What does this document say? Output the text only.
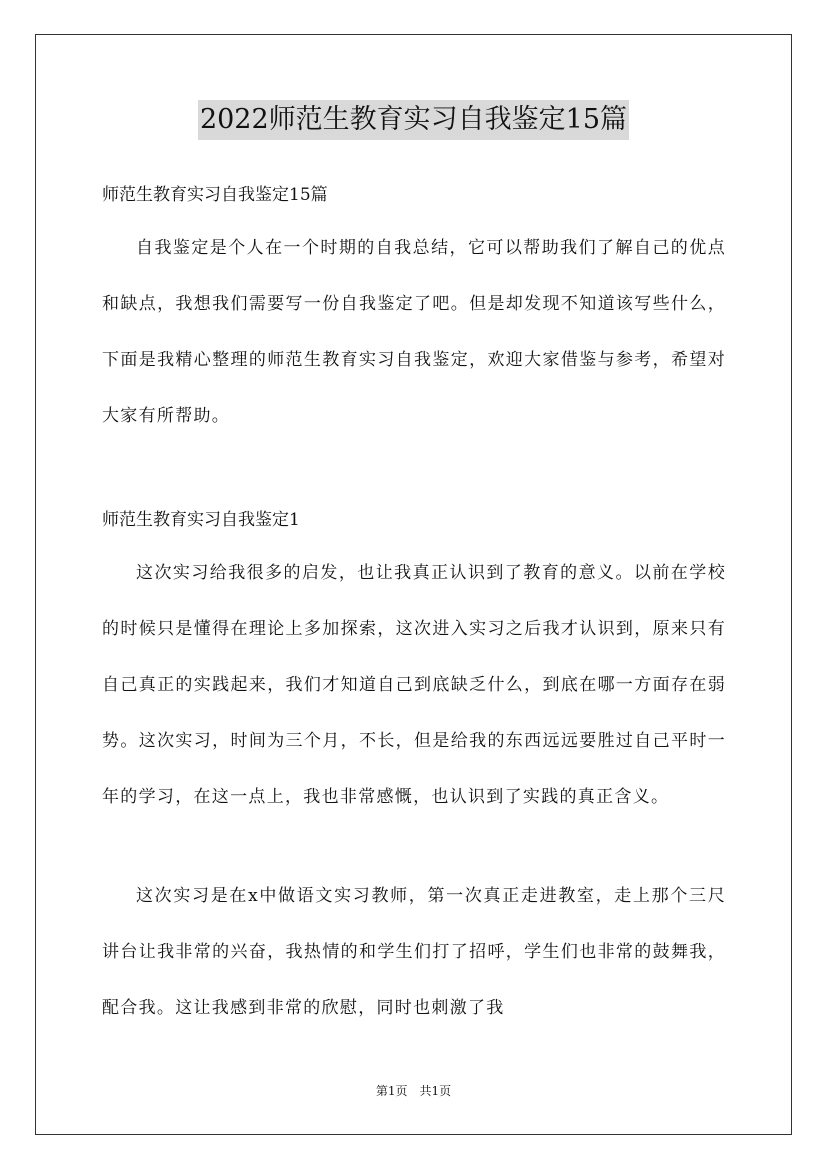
2022师范生教育实习自我鉴定15篇
师范生教育实习自我鉴定15篇

自我鉴定是个人在一个时期的自我总结，它可以帮助我们了解自己的优点和缺点，我想我们需要写一份自我鉴定了吧。但是却发现不知道该写些什么，下面是我精心整理的师范生教育实习自我鉴定，欢迎大家借鉴与参考，希望对大家有所帮助。

师范生教育实习自我鉴定1

这次实习给我很多的启发，也让我真正认识到了教育的意义。以前在学校的时候只是懂得在理论上多加探索，这次进入实习之后我才认识到，原来只有自己真正的实践起来，我们才知道自己到底缺乏什么，到底在哪一方面存在弱势。这次实习，时间为三个月，不长，但是给我的东西远远要胜过自己平时一年的学习，在这一点上，我也非常感慨，也认识到了实践的真正含义。

这次实习是在x中做语文实习教师，第一次真正走进教室，走上那个三尺讲台让我非常的兴奋，我热情的和学生们打了招呼，学生们也非常的鼓舞我，配合我。这让我感到非常的欣慰，同时也刺激了我

第1页　共1页
